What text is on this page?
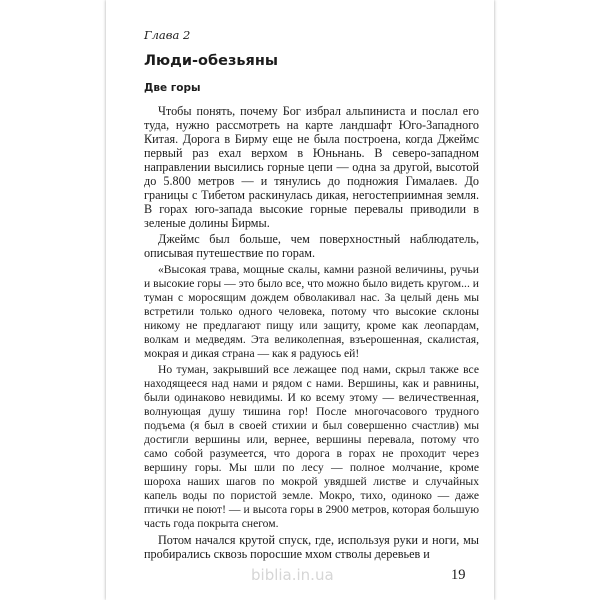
Глава 2
Люди-обезьяны
Две горы

Чтобы понять, почему Бог избрал альпиниста и послал его туда, нужно рассмотреть на карте ландшафт Юго-Западного Китая. Дорога в Бирму еще не была построена, когда Джеймс первый раз ехал верхом в Юньнань. В северо-западном направлении высились горные цепи — одна за другой, высотой до 5.800 метров — и тянулись до подножия Гималаев. До границы с Тибетом раскинулась дикая, негостеприимная земля. В горах юго-запада высокие горные перевалы приводили в зеленые долины Бирмы.

Джеймс был больше, чем поверхностный наблюдатель, описывая путешествие по горам.

«Высокая трава, мощные скалы, камни разной величины, ручьи и высокие горы — это было все, что можно было видеть кругом... и туман с моросящим дождем обволакивал нас. За целый день мы встретили только одного человека, потому что высокие склоны никому не предлагают пищу или защиту, кроме как леопардам, волкам и медведям. Эта великолепная, взъерошенная, скалистая, мокрая и дикая страна — как я радуюсь ей!

Но туман, закрывший все лежащее под нами, скрыл также все находящееся над нами и рядом с нами. Вершины, как и равнины, были одинаково невидимы. И ко всему этому — величественная, волнующая душу тишина гор! После многочасового трудного подъема (я был в своей стихии и был совершенно счастлив) мы достигли вершины или, вернее, вершины перевала, потому что само собой разумеется, что дорога в горах не проходит через вершину горы. Мы шли по лесу — полное молчание, кроме шороха наших шагов по мокрой увядшей листве и случайных капель воды по пористой земле. Мокро, тихо, одиноко — даже птички не поют! — и высота горы в 2900 метров, которая большую часть года покрыта снегом.

Потом начался крутой спуск, где, используя руки и ноги, мы пробирались сквозь поросшие мхом стволы деревьев и

biblia.in.ua	19
